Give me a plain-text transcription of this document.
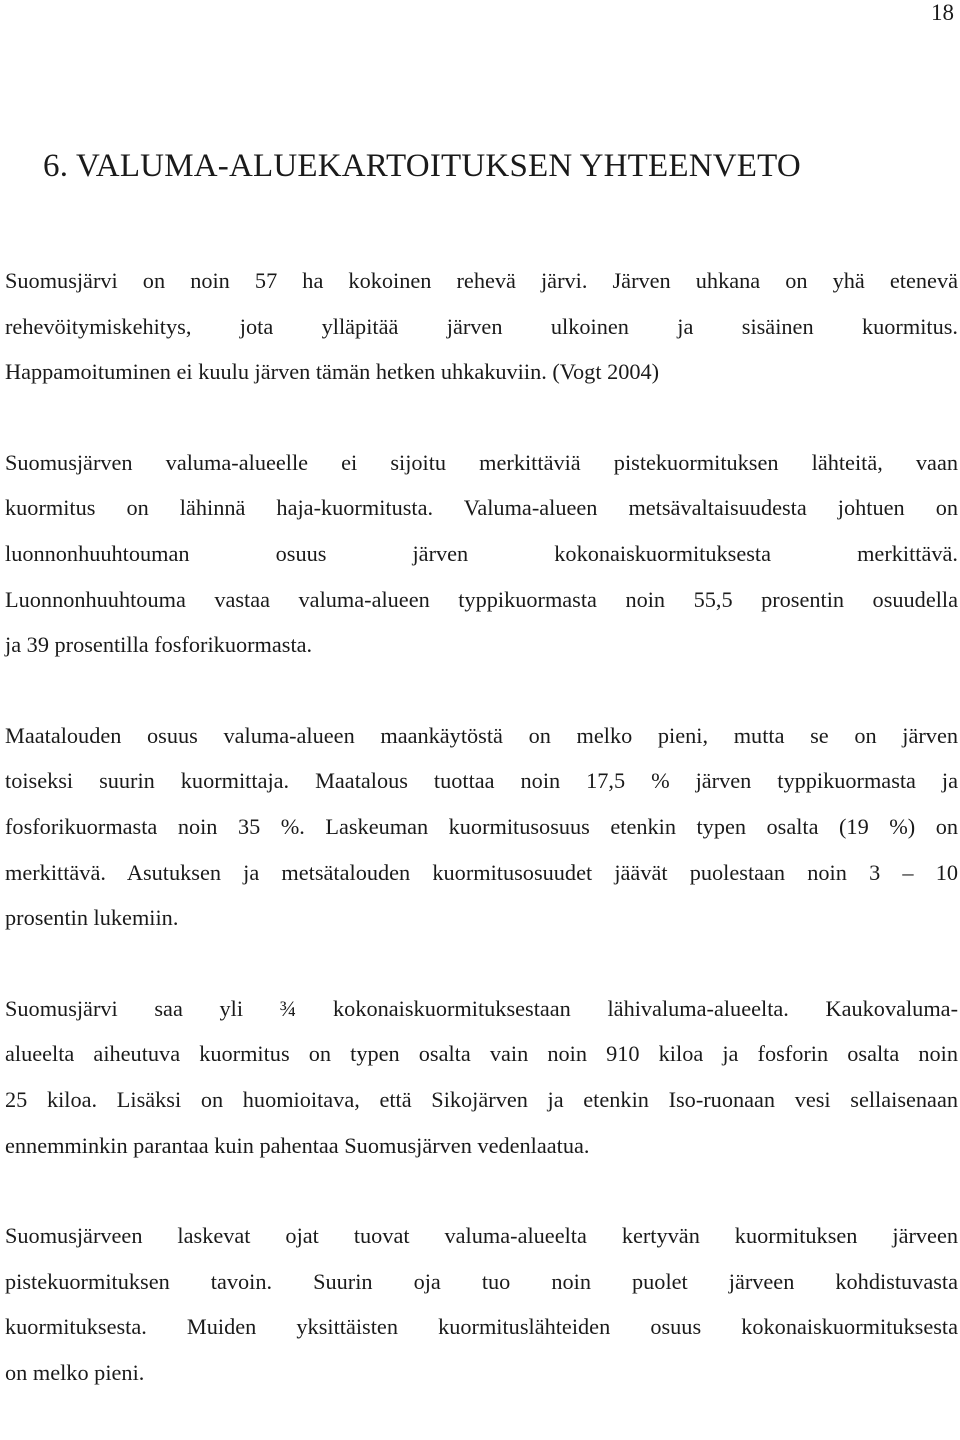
18
6. VALUMA-ALUEKARTOITUKSEN YHTEENVETO

Suomusjärvi on noin 57 ha kokoinen rehevä järvi. Järven uhkana on yhä etenevä
rehevöitymiskehitys, jota ylläpitää järven ulkoinen ja sisäinen kuormitus.
Happamoituminen ei kuulu järven tämän hetken uhkakuviin. (Vogt 2004)

Suomusjärven valuma-alueelle ei sijoitu merkittäviä pistekuormituksen lähteitä, vaan
kuormitus on lähinnä haja-kuormitusta. Valuma-alueen metsävaltaisuudesta johtuen on
luonnonhuuhtouman osuus järven kokonaiskuormituksesta merkittävä.
Luonnonhuuhtouma vastaa valuma-alueen typpikuormasta noin 55,5 prosentin osuudella
ja 39 prosentilla fosforikuormasta.

Maatalouden osuus valuma-alueen maankäytöstä on melko pieni, mutta se on järven
toiseksi suurin kuormittaja. Maatalous tuottaa noin 17,5 % järven typpikuormasta ja
fosforikuormasta noin 35 %. Laskeuman kuormitusosuus etenkin typen osalta (19 %) on
merkittävä. Asutuksen ja metsätalouden kuormitusosuudet jäävät puolestaan noin 3 – 10
prosentin lukemiin.

Suomusjärvi saa yli ¾ kokonaiskuormituksestaan lähivaluma-alueelta. Kaukovaluma-
alueelta aiheutuva kuormitus on typen osalta vain noin 910 kiloa ja fosforin osalta noin
25 kiloa. Lisäksi on huomioitava, että Sikojärven ja etenkin Iso-ruonaan vesi sellaisenaan
ennemminkin parantaa kuin pahentaa Suomusjärven vedenlaatua.

Suomusjärveen laskevat ojat tuovat valuma-alueelta kertyvän kuormituksen järveen
pistekuormituksen tavoin. Suurin oja tuo noin puolet järveen kohdistuvasta
kuormituksesta. Muiden yksittäisten kuormituslähteiden osuus kokonaiskuormituksesta
on melko pieni.
